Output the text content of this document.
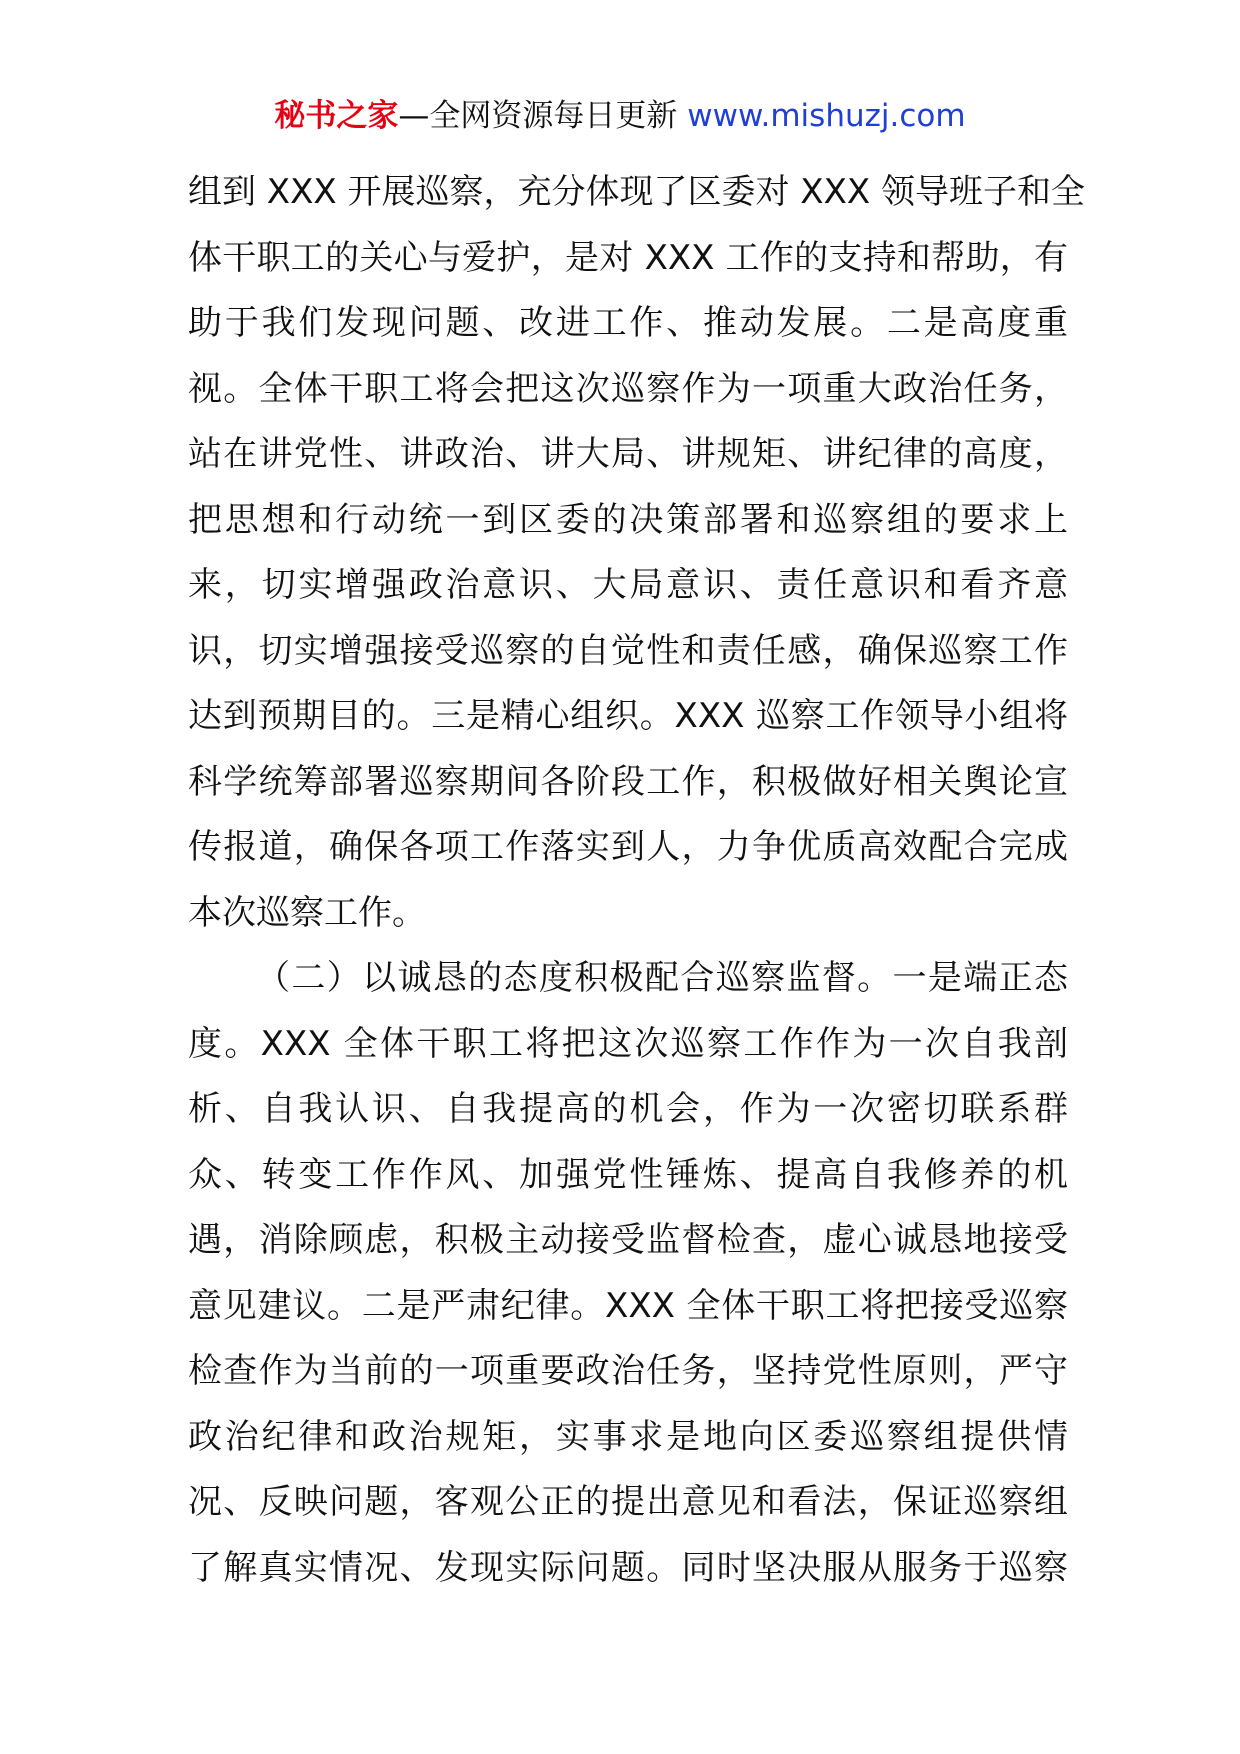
秘书之家—全网资源每日更新 www.mishuzj.com
组到 XXX 开展巡察，充分体现了区委对 XXX 领导班子和全
体干职工的关心与爱护，是对 XXX 工作的支持和帮助，有
助于我们发现问题、改进工作、推动发展。二是高度重
视。全体干职工将会把这次巡察作为一项重大政治任务，
站在讲党性、讲政治、讲大局、讲规矩、讲纪律的高度，
把思想和行动统一到区委的决策部署和巡察组的要求上
来，切实增强政治意识、大局意识、责任意识和看齐意
识，切实增强接受巡察的自觉性和责任感，确保巡察工作
达到预期目的。三是精心组织。XXX 巡察工作领导小组将
科学统筹部署巡察期间各阶段工作，积极做好相关舆论宣
传报道，确保各项工作落实到人，力争优质高效配合完成
本次巡察工作。
（二）以诚恳的态度积极配合巡察监督。一是端正态
度。XXX 全体干职工将把这次巡察工作作为一次自我剖
析、自我认识、自我提高的机会，作为一次密切联系群
众、转变工作作风、加强党性锤炼、提高自我修养的机
遇，消除顾虑，积极主动接受监督检查，虚心诚恳地接受
意见建议。二是严肃纪律。XXX 全体干职工将把接受巡察
检查作为当前的一项重要政治任务，坚持党性原则，严守
政治纪律和政治规矩，实事求是地向区委巡察组提供情
况、反映问题，客观公正的提出意见和看法，保证巡察组
了解真实情况、发现实际问题。同时坚决服从服务于巡察
